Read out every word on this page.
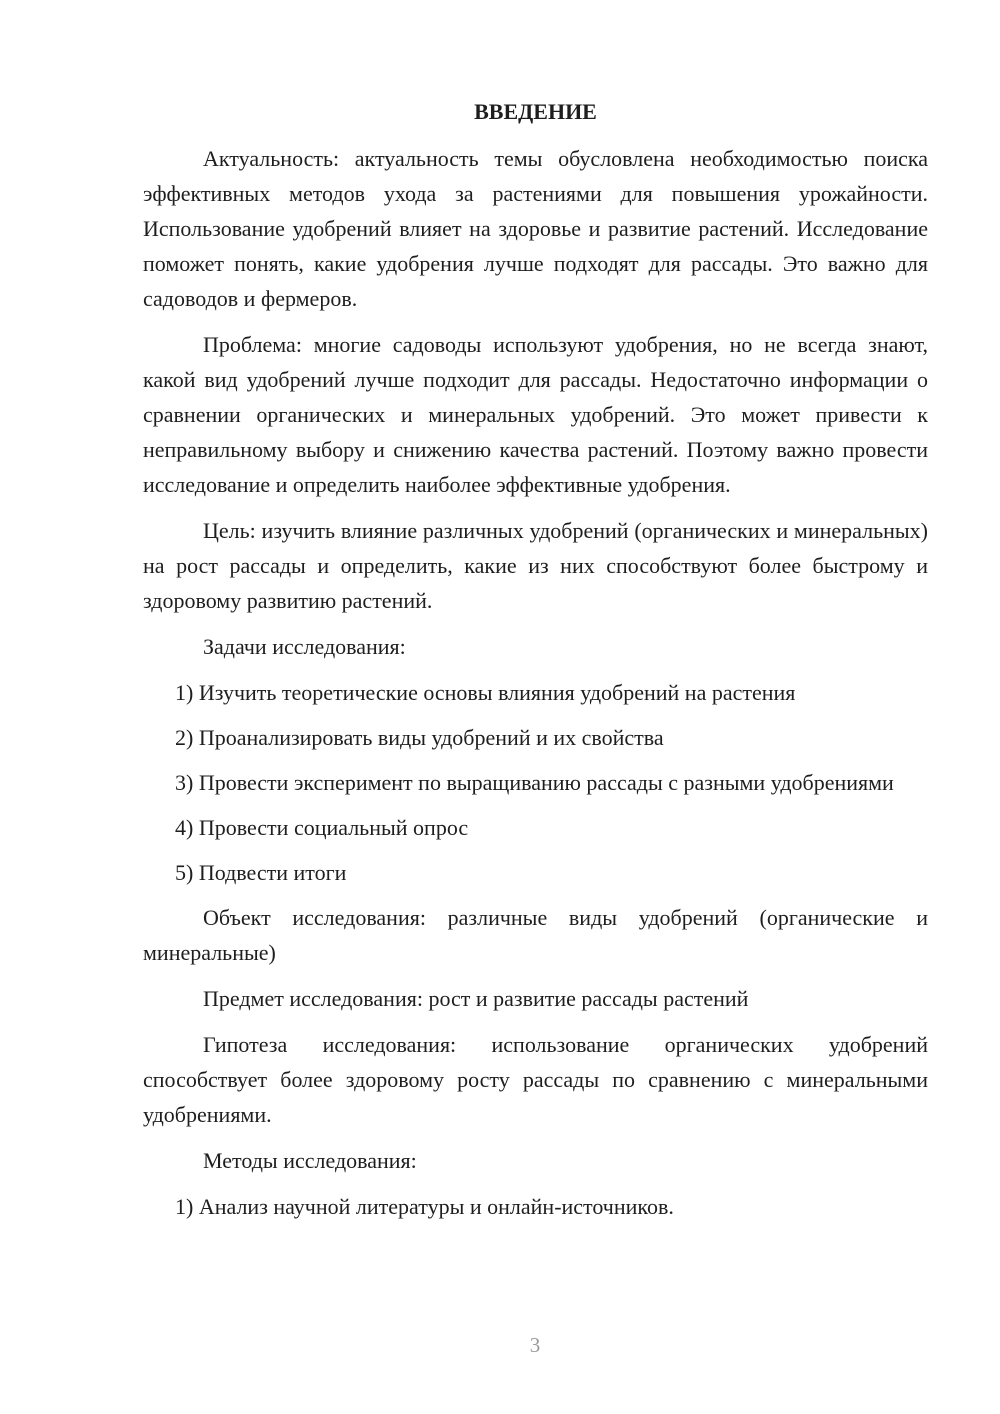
ВВЕДЕНИЕ

Актуальность: актуальность темы обусловлена необходимостью поиска эффективных методов ухода за растениями для повышения урожайности. Использование удобрений влияет на здоровье и развитие растений. Исследование поможет понять, какие удобрения лучше подходят для рассады. Это важно для садоводов и фермеров.

Проблема: многие садоводы используют удобрения, но не всегда знают, какой вид удобрений лучше подходит для рассады. Недостаточно информации о сравнении органических и минеральных удобрений. Это может привести к неправильному выбору и снижению качества растений. Поэтому важно провести исследование и определить наиболее эффективные удобрения.

Цель: изучить влияние различных удобрений (органических и минеральных) на рост рассады и определить, какие из них способствуют более быстрому и здоровому развитию растений.

Задачи исследования:

1) Изучить теоретические основы влияния удобрений на растения

2) Проанализировать виды удобрений и их свойства

3) Провести эксперимент по выращиванию рассады с разными удобрениями

4) Провести социальный опрос

5) Подвести итоги

Объект исследования: различные виды удобрений (органические и минеральные)

Предмет исследования: рост и развитие рассады растений

Гипотеза исследования: использование органических удобрений способствует более здоровому росту рассады по сравнению с минеральными удобрениями.

Методы исследования:

1) Анализ научной литературы и онлайн-источников.

3
